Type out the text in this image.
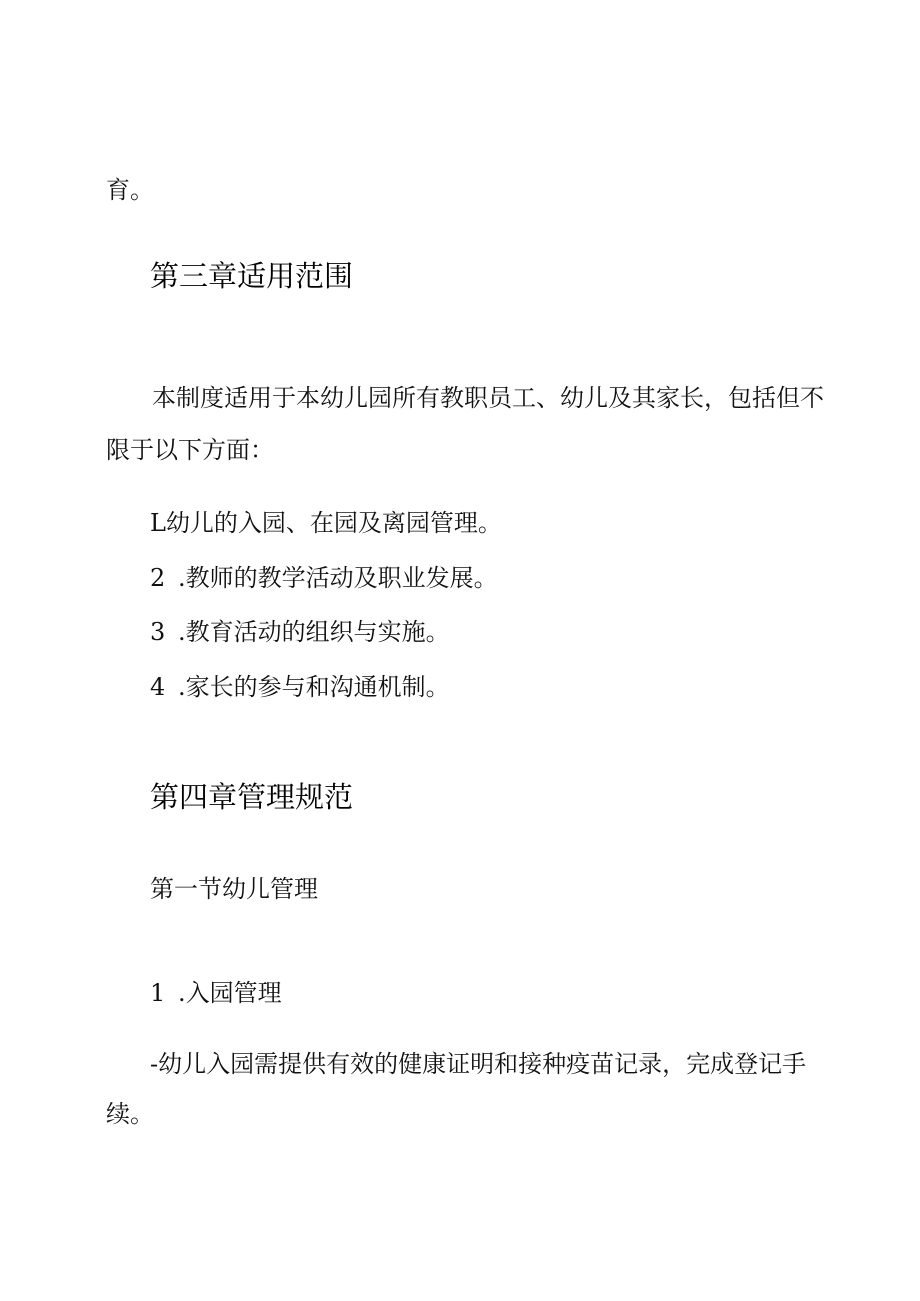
育。
第三章适用范围
本制度适用于本幼儿园所有教职员工、幼儿及其家长，包括但不
限于以下方面：
L幼儿的入园、在园及离园管理。
2 .教师的教学活动及职业发展。
3 .教育活动的组织与实施。
4 .家长的参与和沟通机制。
第四章管理规范
第一节幼儿管理
1 .入园管理
-幼儿入园需提供有效的健康证明和接种疫苗记录，完成登记手
续。
